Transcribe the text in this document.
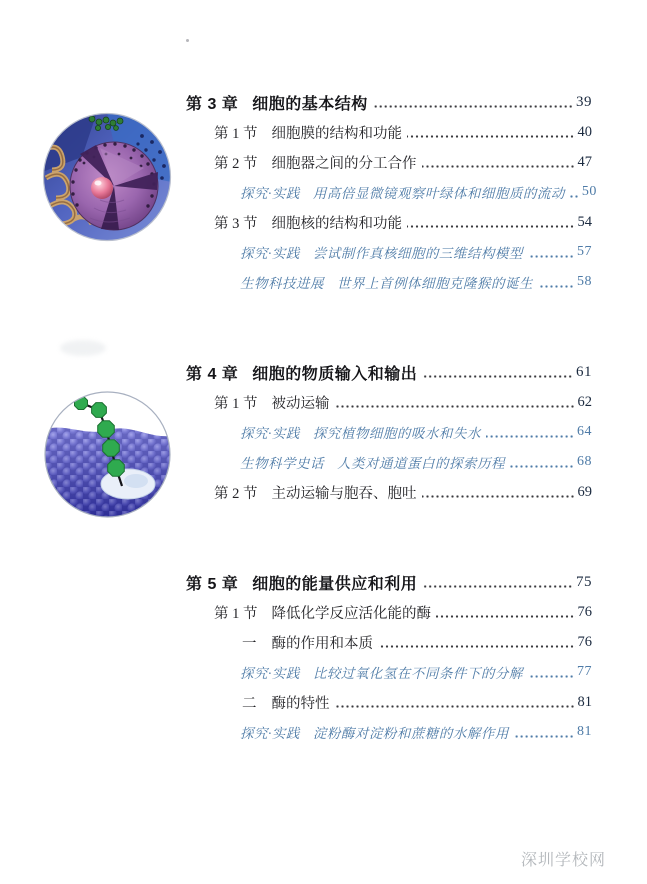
第 3 章 细胞的基本结构	39
第 1 节 细胞膜的结构和功能	40
第 2 节 细胞器之间的分工合作	47
探究·实践 用高倍显微镜观察叶绿体和细胞质的流动 50
第 3 节 细胞核的结构和功能	54
探究·实践 尝试制作真核细胞的三维结构模型	57
生物科技进展 世界上首例体细胞克隆猴的诞生	58
第 4 章 细胞的物质输入和输出	61
第 1 节 被动运输	62
探究·实践 探究植物细胞的吸水和失水	64
生物科学史话 人类对通道蛋白的探索历程	68
第 2 节 主动运输与胞吞、胞吐	69
第 5 章 细胞的能量供应和利用	75
第 1 节 降低化学反应活化能的酶	76
一 酶的作用和本质	76
探究·实践 比较过氧化氢在不同条件下的分解	77
二 酶的特性	81
探究·实践 淀粉酶对淀粉和蔗糖的水解作用	81
深圳学校网
